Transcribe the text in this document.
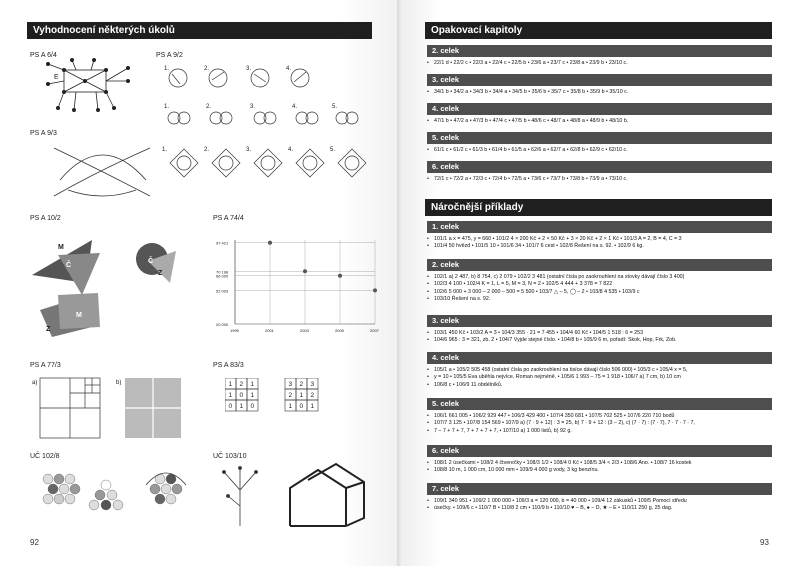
Vyhodnocení některých úkolů
PS A 6/4	PS A 9/2
PS A 9/3
PS A 10/2	PS A 74/4
PS A 77/3	PS A 83/3
UČ 102/8	UČ 103/10
E
1.	2.	3.	4.
1.	2.	3.	4.	5.
1.	2.	3.	4.	5.
M
Č
Č
Z
Z
M
97 421
70 198
66 000
52 003
20 000
1999	2001	2003	2005	2007
a)	b)	1 2 1
1 0 1
0 1 0
3 2 3
2 1 2
1 0 1
92	93
Opakovací kapitoly
2. celek
• 22/1 d • 22/2 c • 22/3 a • 22/4 c • 22/5 b • 23/6 a • 23/7 c • 23/8 a • 23/9 b • 23/10 c.
3. celek
• 34/1 b • 34/2 a • 34/3 b • 34/4 a • 34/5 b • 35/6 b • 35/7 c • 35/8 b • 35/9 b • 35/10 c.
4. celek
• 47/1 b • 47/2 a • 47/3 b • 47/4 c • 47/5 b • 48/6 c • 48/7 a • 48/8 a • 48/9 b • 48/10 b.
5. celek
• 61/1 c • 61/2 c • 61/3 b • 61/4 b • 61/5 a • 62/6 a • 62/7 a • 62/8 b • 62/9 c • 62/10 c.
6. celek
• 72/1 c • 72/2 a • 72/3 c • 72/4 b • 72/5 a • 73/6 c • 73/7 b • 73/8 b • 73/9 a • 73/10 c.
Náročnější příklady
1. celek
• 101/1 a x = 475, y = 660 • 101/2 4 × 200 Kč + 2 × 50 Kč + 3 × 20 Kč + 2 × 1 Kč • 101/3 A = 2, B = 4, C = 3
• 101/4 50 hvězd • 101/5 10 • 101/6 34 • 101/7 6 cest • 102/8 Řešení na s. 92. • 102/9 6 kg.
2. celek
• 102/1 a) 2 487, b) 8 754, c) 2 079 • 102/2 3 481 (ostatní čísla po zaokrouhlení na stovky dávají číslo 3 400)
• 102/3 4 100 • 102/4 K = 1, L = 5, M = 3, N = 2 • 102/5 4 444 + 3 378 = 7 822
• 102/6 5 000 + 3 000 – 2 000 – 500 = 5 500 • 103/7 △ – 5, ◯ – 2 • 103/8 4 535 • 103/9 c
• 103/10 Řešení na s. 92.
3. celek
• 103/1 450 Kč • 103/2 A = 3 • 104/3 355 · 21 = 7 455 • 104/4 60 Kč • 104/5 1 518 : 6 = 253
• 104/6 965 : 3 = 321, zb. 2 • 104/7 Vyjde stejné číslo. • 104/8 b • 105/9 6 m, pořadí: Skok, Hop, Frk, Zob.
4. celek
• 105/1 a • 105/2 505 458 (ostatní čísla po zaokrouhlení na tisíce dávají číslo 506 000) • 105/3 c • 105/4 x = 5,
• y = 10 • 105/5 Eva uběhla nejvíce, Roman nejméně. • 105/6 1 993 – 75 = 1 918 • 106/7 a) 7 cm, b) 10 cm
• 106/8 c • 106/9 11 obdélníků.
5. celek
• 106/1 661 005 • 106/2 929 447 • 106/3 429 400 • 107/4 350 681 • 107/5 702 525 • 107/6 220 710 bodů
• 107/7 3 125 • 107/8 154 569 • 107/9 a) (7 · 9 + 12) : 3 = 25, b) 7 · 9 + 12 : (3 – 2), c) (7 · 7) : (7 · 7), 7 · 7 · 7 · 7,
• 7 – 7 + 7 + 7, 7 + 7 + 7 + 7, • 107/10 a) 1 000 listů, b) 92 g.
6. celek
• 108/1 2 úsečkami • 108/2 4 čtverečky • 108/3 1/2 • 108/4 0 Kč • 108/5 3/4 < 2/3 • 108/6 Ano. • 108/7 16 kostek
• 108/8 10 m, 1 000 cm, 10 000 mm • 109/9 4 000 g vody, 3 kg benzínu.
7. celek
• 109/1 340 951 • 109/2 1 000 000 • 109/3 a = 120 000, b = 40 000 • 109/4 12 zákusků • 109/5 Pomocí středu
• úsečky. • 109/6 c • 110/7 B • 110/8 2 cm • 110/9 b • 110/10 ♥ – B, ● – D, ★ – E • 110/11 250 g, 25 dag.
